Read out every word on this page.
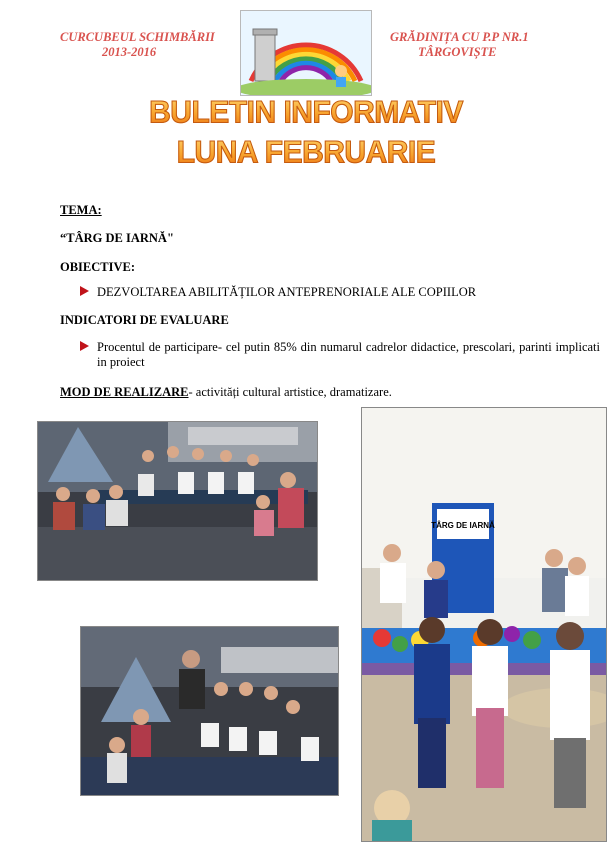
CURCUBEUL SCHIMBĂRII
2013-2016
GRĂDINIȚA CU P.P NR.1
TÂRGOVIȘTE
BULETIN INFORMATIV
LUNA FEBRUARIE
TEMA:
“TÂRG DE IARNĂ"
OBIECTIVE:
DEZVOLTAREA ABILITĂȚILOR ANTEPRENORIALE ALE COPIILOR
INDICATORI DE EVALUARE
Procentul de participare- cel putin 85% din numarul cadrelor didactice, prescolari, parinti implicati in proiect
MOD DE REALIZARE- activități cultural artistice, dramatizare.
TÂRG DE IARNĂ
